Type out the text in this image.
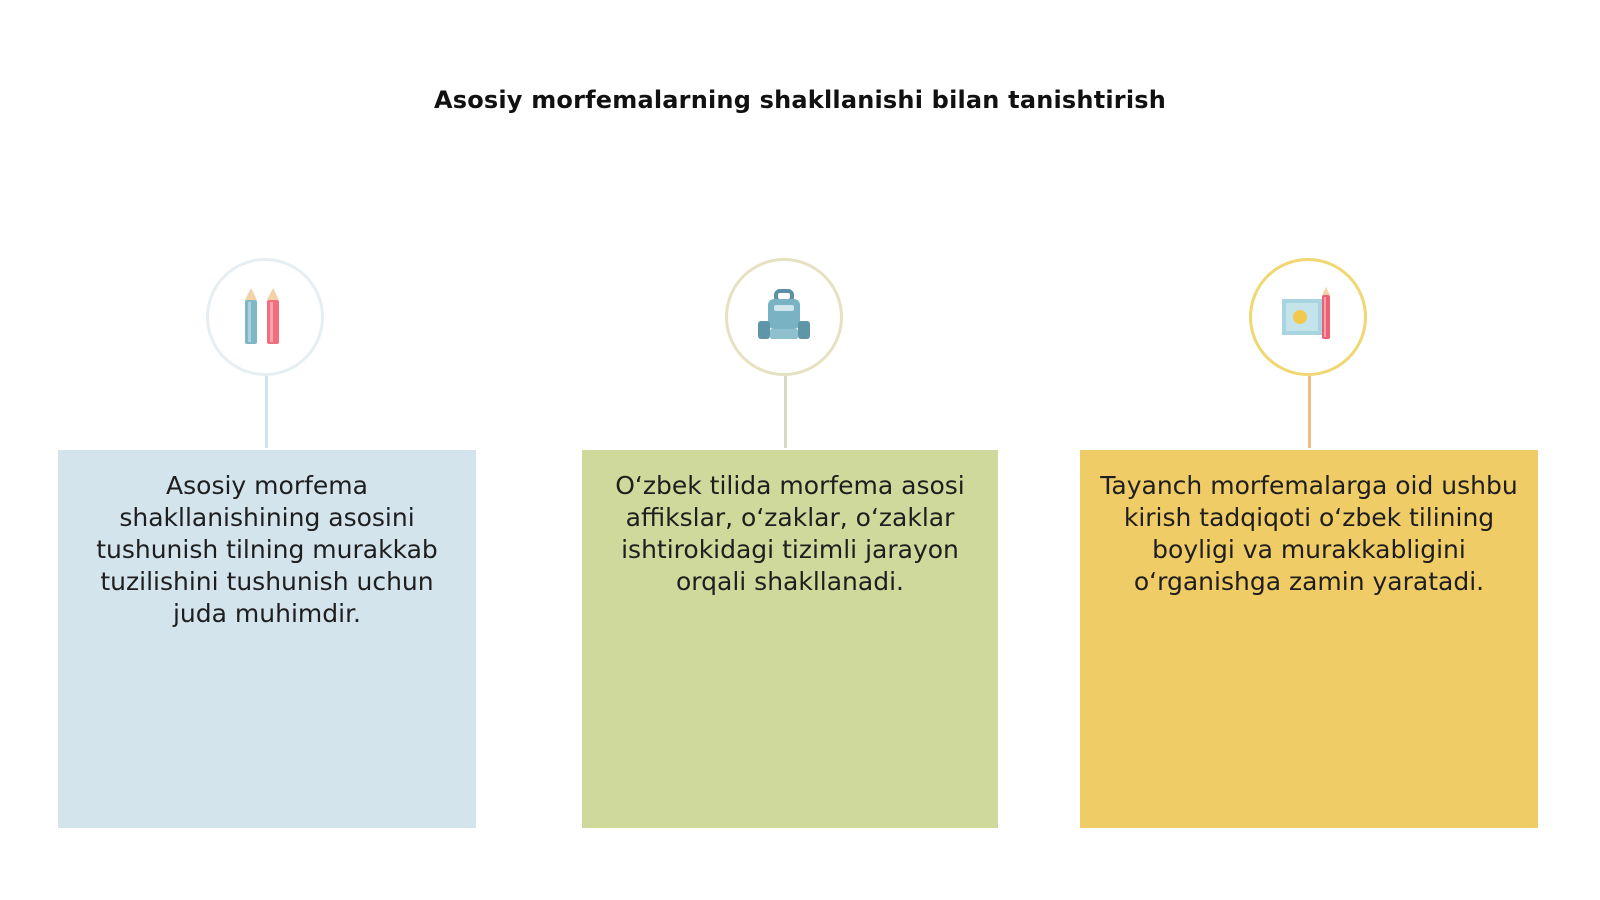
Asosiy morfemalarning shakllanishi bilan tanishtirish
Asosiy morfema shakllanishining asosini tushunish tilning murakkab tuzilishini tushunish uchun juda muhimdir.
O‘zbek tilida morfema asosi affikslar, o‘zaklar, o‘zaklar ishtirokidagi tizimli jarayon orqali shakllanadi.
Tayanch morfemalarga oid ushbu kirish tadqiqoti o‘zbek tilining boyligi va murakkabligini o‘rganishga zamin yaratadi.
